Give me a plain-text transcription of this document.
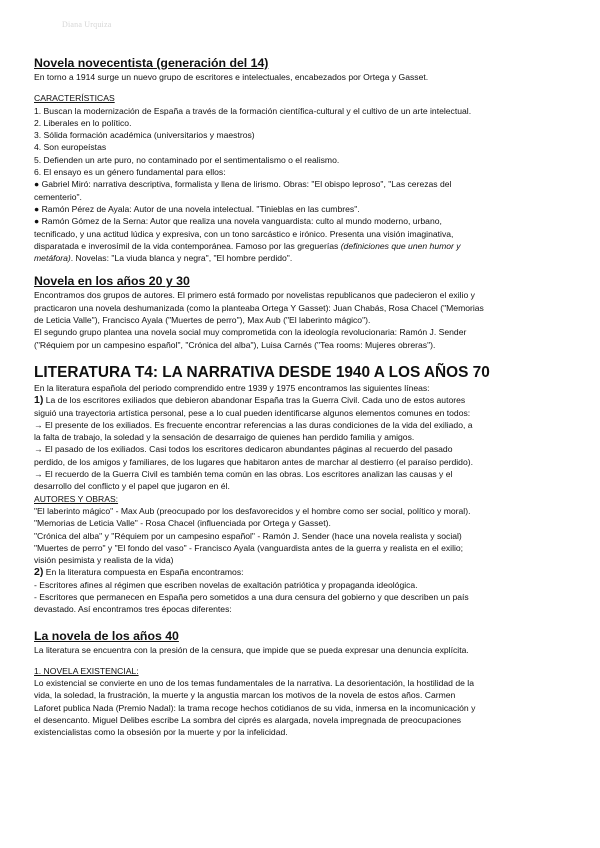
Diana Urquiza
Novela novecentista (generación del 14)
En torno a 1914 surge un nuevo grupo de escritores e intelectuales, encabezados por Ortega y Gasset.
CARACTERÍSTICAS
1. Buscan la modernización de España a través de la formación científica-cultural y el cultivo de un arte intelectual.
2. Liberales en lo político.
3. Sólida formación académica (universitarios y maestros)
4. Son europeístas
5. Defienden un arte puro, no contaminado por el sentimentalismo o el realismo.
6. El ensayo es un género fundamental para ellos:
● Gabriel Miró: narrativa descriptiva, formalista y llena de lirismo. Obras: "El obispo leproso", "Las cerezas del
cementerio".
● Ramón Pérez de Ayala: Autor de una novela intelectual. "Tinieblas en las cumbres".
● Ramón Gómez de la Serna: Autor que realiza una novela vanguardista: culto al mundo moderno, urbano,
tecnificado, y una actitud lúdica y expresiva, con un tono sarcástico e irónico. Presenta una visión imaginativa,
disparatada e inverosímil de la vida contemporánea. Famoso por las greguerías (definiciones que unen humor y
metáfora). Novelas: "La viuda blanca y negra", "El hombre perdido".
Novela en los años 20 y 30
Encontramos dos grupos de autores. El primero está formado por novelistas republicanos que padecieron el exilio y
practicaron una novela deshumanizada (como la planteaba Ortega Y Gasset): Juan Chabás, Rosa Chacel ("Memorias
de Leticia Valle"), Francisco Ayala ("Muertes de perro"), Max Aub ("El laberinto mágico").
El segundo grupo plantea una novela social muy comprometida con la ideología revolucionaria: Ramón J. Sender
("Réquiem por un campesino español", "Crónica del alba"), Luisa Carnés ("Tea rooms: Mujeres obreras").
LITERATURA T4: LA NARRATIVA DESDE 1940 A LOS AÑOS 70
En la literatura española del periodo comprendido entre 1939 y 1975 encontramos las siguientes líneas:
1) La de los escritores exiliados que debieron abandonar España tras la Guerra Civil. Cada uno de estos autores
siguió una trayectoria artística personal, pese a lo cual pueden identificarse algunos elementos comunes en todos:
→ El presente de los exiliados. Es frecuente encontrar referencias a las duras condiciones de la vida del exiliado, a
la falta de trabajo, la soledad y la sensación de desarraigo de quienes han perdido familia y amigos.
→ El pasado de los exiliados. Casi todos los escritores dedicaron abundantes páginas al recuerdo del pasado
perdido, de los amigos y familiares, de los lugares que habitaron antes de marchar al destierro (el paraíso perdido).
→ El recuerdo de la Guerra Civil es también tema común en las obras. Los escritores analizan las causas y el
desarrollo del conflicto y el papel que jugaron en él.
AUTORES Y OBRAS:
"El laberinto mágico" - Max Aub (preocupado por los desfavorecidos y el hombre como ser social, político y moral).
"Memorias de Leticia Valle" - Rosa Chacel (influenciada por Ortega y Gasset).
"Crónica del alba" y "Réquiem por un campesino español" - Ramón J. Sender (hace una novela realista y social)
"Muertes de perro" y "El fondo del vaso" - Francisco Ayala (vanguardista antes de la guerra y realista en el exilio;
visión pesimista y realista de la vida)
2) En la literatura compuesta en España encontramos:
- Escritores afines al régimen que escriben novelas de exaltación patriótica y propaganda ideológica.
- Escritores que permanecen en España pero sometidos a una dura censura del gobierno y que describen un país
devastado. Así encontramos tres épocas diferentes:
La novela de los años 40
La literatura se encuentra con la presión de la censura, que impide que se pueda expresar una denuncia explícita.
1. NOVELA EXISTENCIAL:
Lo existencial se convierte en uno de los temas fundamentales de la narrativa. La desorientación, la hostilidad de la
vida, la soledad, la frustración, la muerte y la angustia marcan los motivos de la novela de estos años. Carmen
Laforet publica Nada (Premio Nadal): la trama recoge hechos cotidianos de su vida, inmersa en la incomunicación y
el desencanto. Miguel Delibes escribe La sombra del ciprés es alargada, novela impregnada de preocupaciones
existencialistas como la obsesión por la muerte y por la infelicidad.
